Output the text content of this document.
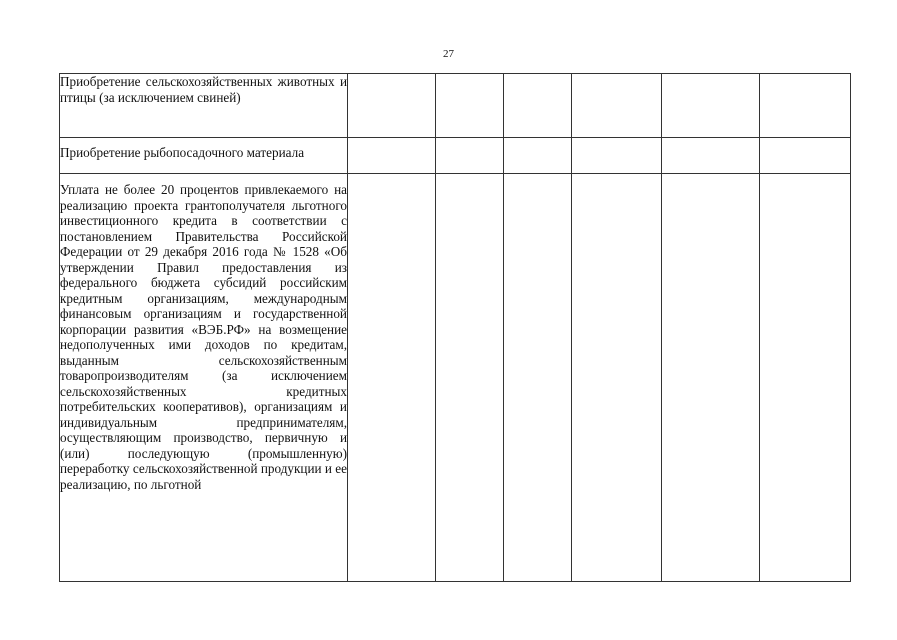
27
Приобретение сельскохозяйственных животных и птицы (за исключением свиней)						

Приобретение рыбопосадочного материала						

Уплата не более 20 процентов привлекаемого на реализацию проекта грантополучателя льготного инвестиционного кредита в соответствии с постановлением Правительства Российской Федерации от 29 декабря 2016 года № 1528 «Об утверждении Правил предоставления из федерального бюджета субсидий российским кредитным организациям, международным финансовым организациям и государственной корпорации развития «ВЭБ.РФ» на возмещение недополученных ими доходов по кредитам, выданным сельскохозяйственным товаропроизводителям (за исключением сельскохозяйственных кредитных потребительских кооперативов), организациям и индивидуальным предпринимателям, осуществляющим производство, первичную и (или) последующую (промышленную) переработку сельскохозяйственной продукции и ее реализацию, по льготной						
